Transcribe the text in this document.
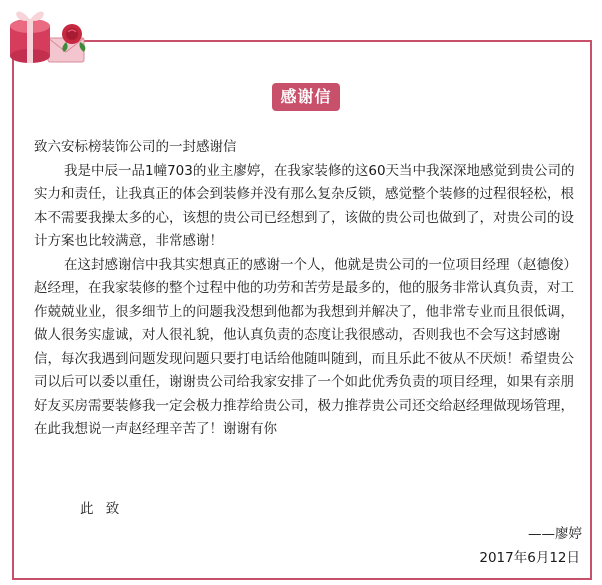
感谢信

致六安标榜装饰公司的一封感谢信

我是中辰一品1幢703的业主廖婷，在我家装修的这60天当中我深深地感觉到贵公司的实力和责任，让我真正的体会到装修并没有那么复杂反锁，感觉整个装修的过程很轻松，根本不需要我操太多的心，该想的贵公司已经想到了，该做的贵公司也做到了，对贵公司的设计方案也比较满意，非常感谢！

在这封感谢信中我其实想真正的感谢一个人，他就是贵公司的一位项目经理（赵德俊）赵经理，在我家装修的整个过程中他的功劳和苦劳是最多的，他的服务非常认真负责，对工作兢兢业业，很多细节上的问题我没想到他都为我想到并解决了，他非常专业而且很低调，做人很务实虚诚，对人很礼貌，他认真负责的态度让我很感动，否则我也不会写这封感谢信，每次我遇到问题发现问题只要打电话给他随叫随到，而且乐此不彼从不厌烦！希望贵公司以后可以委以重任，谢谢贵公司给我家安排了一个如此优秀负责的项目经理，如果有亲朋好友买房需要装修我一定会极力推荐给贵公司，极力推荐贵公司还交给赵经理做现场管理，在此我想说一声赵经理辛苦了！谢谢有你

此 致
——廖婷
2017年6月12日
